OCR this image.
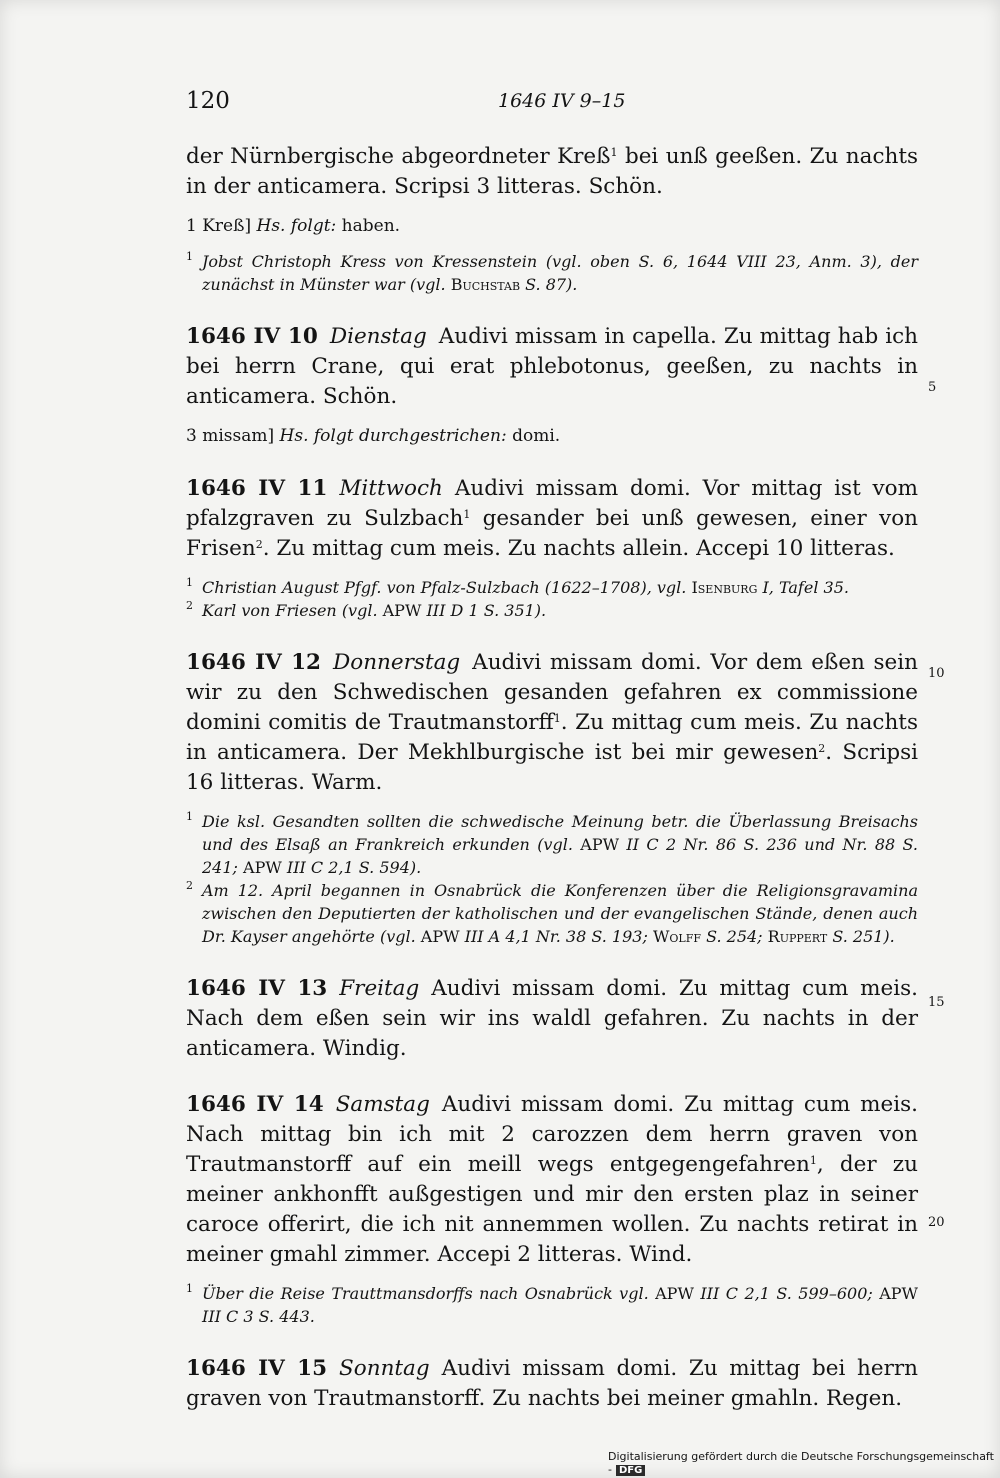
120	1646 IV 9–15
der Nürnbergische abgeordneter Kreß$^1$ bei unß geeßen. Zu nachts in der anticamera. Scripsi 3 litteras. Schön.
1 Kreß] Hs. folgt: haben.
1 Jobst Christoph Kress von Kressenstein (vgl. oben S. 6, 1644 VIII 23, Anm. 3), der zunächst in Münster war (vgl. Buchstab S. 87).
1646 IV 10 Dienstag Audivi missam in capella. Zu mittag hab ich bei herrn Crane, qui erat phlebotonus, geeßen, zu nachts in anticamera. Schön.
3 missam] Hs. folgt durchgestrichen: domi.
1646 IV 11 Mittwoch Audivi missam domi. Vor mittag ist vom pfalzgraven zu Sulzbach$^1$ gesander bei unß gewesen, einer von Frisen$^2$. Zu mittag cum meis. Zu nachts allein. Accepi 10 litteras.
1 Christian August Pfgf. von Pfalz-Sulzbach (1622–1708), vgl. Isenburg I, Tafel 35.
2 Karl von Friesen (vgl. APW III D 1 S. 351).
1646 IV 12 Donnerstag Audivi missam domi. Vor dem eßen sein wir zu den Schwedischen gesanden gefahren ex commissione domini comitis de Trautmanstorff$^1$. Zu mittag cum meis. Zu nachts in anticamera. Der Mekhlburgische ist bei mir gewesen$^2$. Scripsi 16 litteras. Warm.
1 Die ksl. Gesandten sollten die schwedische Meinung betr. die Überlassung Breisachs und des Elsaß an Frankreich erkunden (vgl. APW II C 2 Nr. 86 S. 236 und Nr. 88 S. 241; APW III C 2,1 S. 594).
2 Am 12. April begannen in Osnabrück die Konferenzen über die Religionsgravamina zwischen den Deputierten der katholischen und der evangelischen Stände, denen auch Dr. Kayser angehörte (vgl. APW III A 4,1 Nr. 38 S. 193; Wolff S. 254; Ruppert S. 251).
1646 IV 13 Freitag Audivi missam domi. Zu mittag cum meis. Nach dem eßen sein wir ins waldl gefahren. Zu nachts in der anticamera. Windig.
1646 IV 14 Samstag Audivi missam domi. Zu mittag cum meis. Nach mittag bin ich mit 2 carozzen dem herrn graven von Trautmanstorff auf ein meill wegs entgegengefahren$^1$, der zu meiner ankhonfft außgestigen und mir den ersten plaz in seiner caroce offerirt, die ich nit annemmen wollen. Zu nachts retirat in meiner gmahl zimmer. Accepi 2 litteras. Wind.
1 Über die Reise Trauttmansdorffs nach Osnabrück vgl. APW III C 2,1 S. 599–600; APW III C 3 S. 443.
1646 IV 15 Sonntag Audivi missam domi. Zu mittag bei herrn graven von Trautmanstorff. Zu nachts bei meiner gmahln. Regen.
5
10
15
20
Digitalisierung gefördert durch die Deutsche Forschungsgemeinschaft - DFG
